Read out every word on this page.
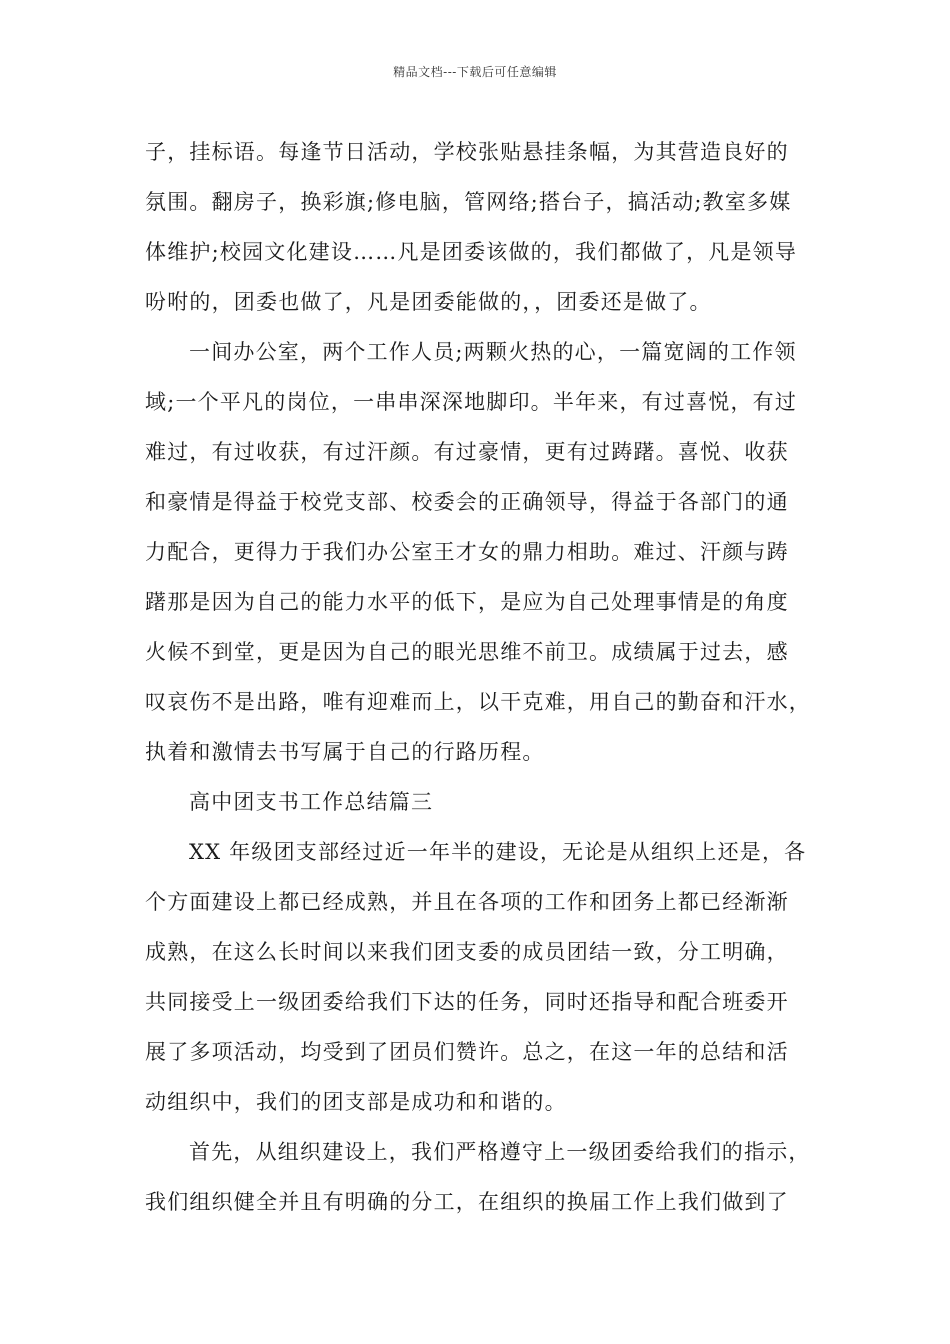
精品文档---下载后可任意编辑
子，挂标语。每逢节日活动，学校张贴悬挂条幅，为其营造良好的
氛围。翻房子，换彩旗;修电脑，管网络;搭台子，搞活动;教室多媒
体维护;校园文化建设……凡是团委该做的，我们都做了，凡是领导
吩咐的，团委也做了，凡是团委能做的，，团委还是做了。
一间办公室，两个工作人员;两颗火热的心，一篇宽阔的工作领
域;一个平凡的岗位，一串串深深地脚印。半年来，有过喜悦，有过
难过，有过收获，有过汗颜。有过豪情，更有过踌躇。喜悦、收获
和豪情是得益于校党支部、校委会的正确领导，得益于各部门的通
力配合，更得力于我们办公室王才女的鼎力相助。难过、汗颜与踌
躇那是因为自己的能力水平的低下，是应为自己处理事情是的角度
火候不到堂，更是因为自己的眼光思维不前卫。成绩属于过去，感
叹哀伤不是出路，唯有迎难而上，以干克难，用自己的勤奋和汗水，
执着和激情去书写属于自己的行路历程。
高中团支书工作总结篇三
XX 年级团支部经过近一年半的建设，无论是从组织上还是，各
个方面建设上都已经成熟，并且在各项的工作和团务上都已经渐渐
成熟，在这么长时间以来我们团支委的成员团结一致，分工明确，
共同接受上一级团委给我们下达的任务，同时还指导和配合班委开
展了多项活动，均受到了团员们赞许。总之，在这一年的总结和活
动组织中，我们的团支部是成功和和谐的。
首先，从组织建设上，我们严格遵守上一级团委给我们的指示，
我们组织健全并且有明确的分工，在组织的换届工作上我们做到了
